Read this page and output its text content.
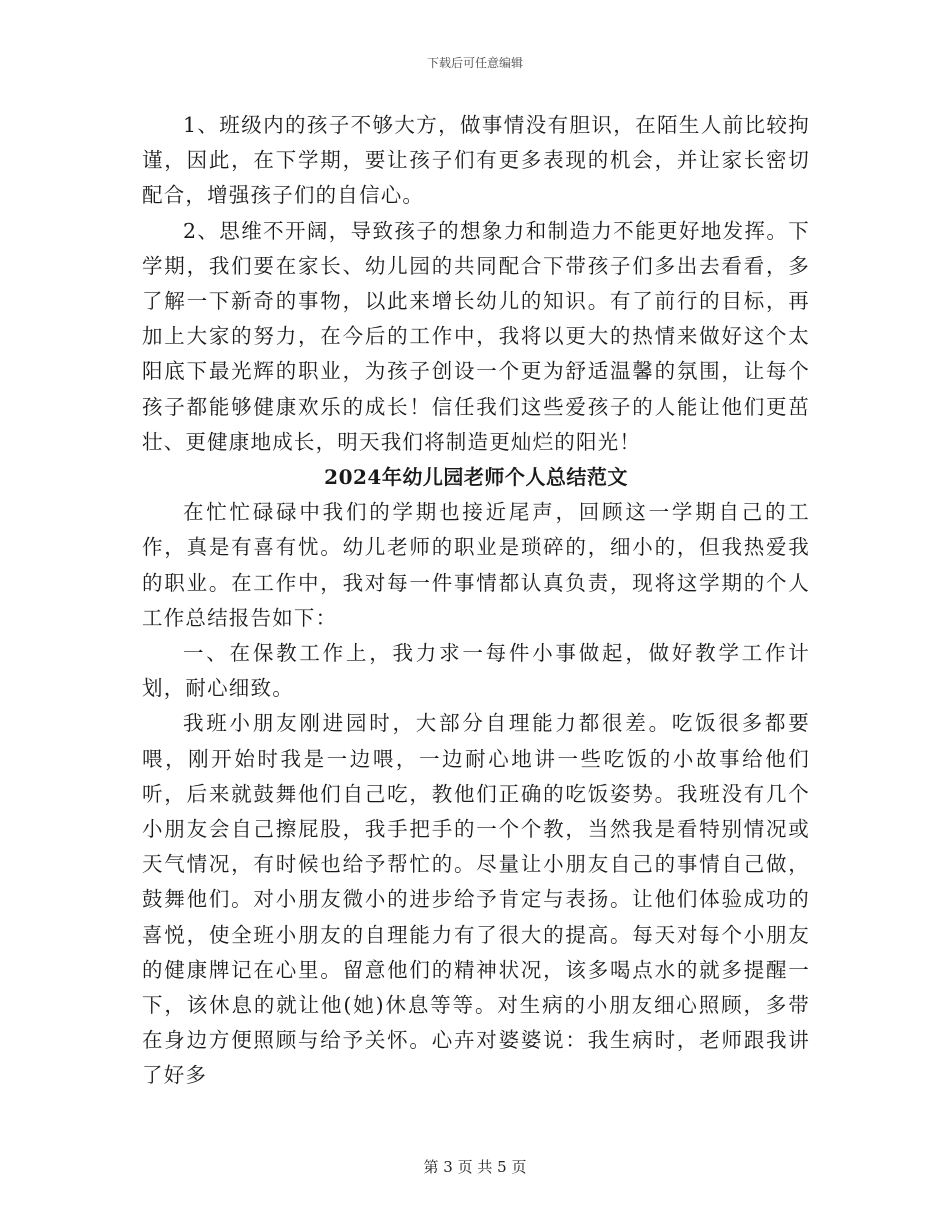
下载后可任意编辑

1、班级内的孩子不够大方，做事情没有胆识，在陌生人前比较拘谨，因此，在下学期，要让孩子们有更多表现的机会，并让家长密切配合，增强孩子们的自信心。

2、思维不开阔，导致孩子的想象力和制造力不能更好地发挥。下学期，我们要在家长、幼儿园的共同配合下带孩子们多出去看看，多了解一下新奇的事物，以此来增长幼儿的知识。有了前行的目标，再加上大家的努力，在今后的工作中，我将以更大的热情来做好这个太阳底下最光辉的职业，为孩子创设一个更为舒适温馨的氛围，让每个孩子都能够健康欢乐的成长！信任我们这些爱孩子的人能让他们更茁壮、更健康地成长，明天我们将制造更灿烂的阳光！

2024年幼儿园老师个人总结范文

在忙忙碌碌中我们的学期也接近尾声，回顾这一学期自己的工作，真是有喜有忧。幼儿老师的职业是琐碎的，细小的，但我热爱我的职业。在工作中，我对每一件事情都认真负责，现将这学期的个人工作总结报告如下：

一、在保教工作上，我力求一每件小事做起，做好教学工作计划，耐心细致。

我班小朋友刚进园时，大部分自理能力都很差。吃饭很多都要喂，刚开始时我是一边喂，一边耐心地讲一些吃饭的小故事给他们听，后来就鼓舞他们自己吃，教他们正确的吃饭姿势。我班没有几个小朋友会自己擦屁股，我手把手的一个个教，当然我是看特别情况或天气情况，有时候也给予帮忙的。尽量让小朋友自己的事情自己做，鼓舞他们。对小朋友微小的进步给予肯定与表扬。让他们体验成功的喜悦，使全班小朋友的自理能力有了很大的提高。每天对每个小朋友的健康牌记在心里。留意他们的精神状况，该多喝点水的就多提醒一下，该休息的就让他(她)休息等等。对生病的小朋友细心照顾，多带在身边方便照顾与给予关怀。心卉对婆婆说：我生病时，老师跟我讲了好多

第 3 页 共 5 页
